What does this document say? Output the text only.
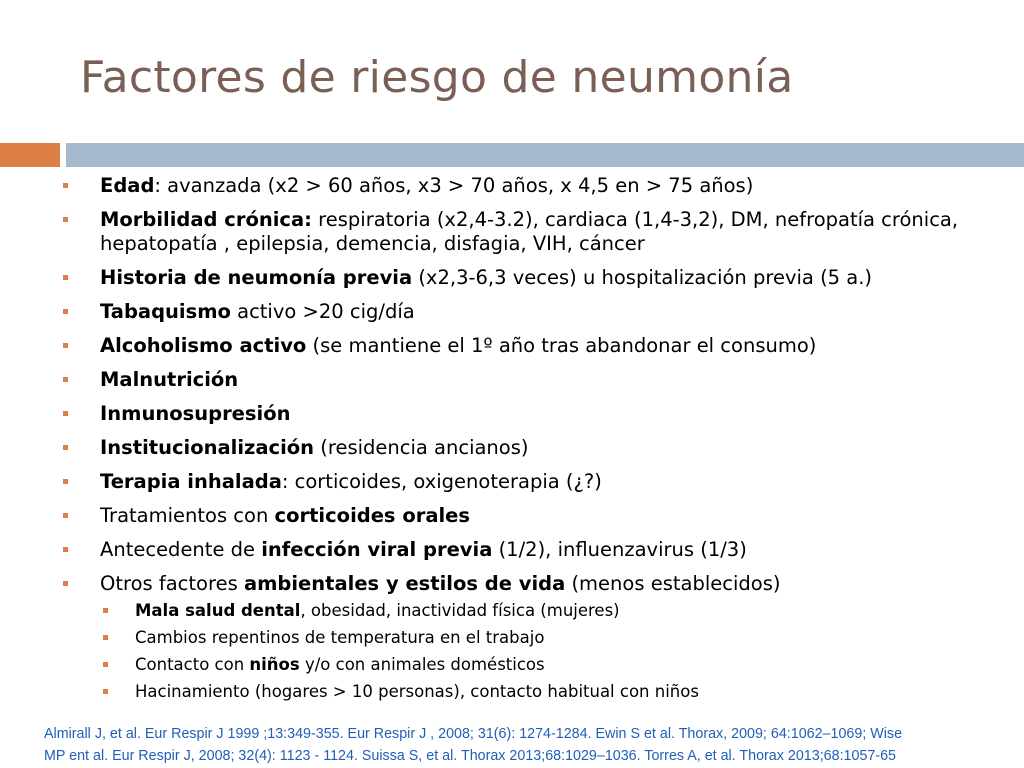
Factores de riesgo de neumonía
Edad: avanzada (x2 > 60 años, x3 > 70 años, x 4,5 en > 75 años)
Morbilidad crónica: respiratoria (x2,4-3.2), cardiaca (1,4-3,2), DM, nefropatía crónica, hepatopatía , epilepsia, demencia, disfagia, VIH, cáncer
Historia de neumonía previa (x2,3-6,3 veces) u hospitalización previa (5 a.)
Tabaquismo activo >20 cig/día
Alcoholismo activo (se mantiene el 1º año tras abandonar el consumo)
Malnutrición
Inmunosupresión
Institucionalización (residencia ancianos)
Terapia inhalada: corticoides, oxigenoterapia (¿?)
Tratamientos con corticoides orales
Antecedente de infección viral previa (1/2), influenzavirus (1/3)
Otros factores ambientales y estilos de vida (menos establecidos)
Mala salud dental, obesidad, inactividad física (mujeres)
Cambios repentinos de temperatura en el trabajo
Contacto con niños y/o con animales domésticos
Hacinamiento (hogares > 10 personas), contacto habitual con niños
Almirall J, et al. Eur Respir J 1999 ;13:349-355. Eur Respir J , 2008; 31(6): 1274-1284. Ewin S et al. Thorax, 2009; 64:1062–1069; Wise
MP ent al. Eur Respir J, 2008; 32(4): 1123 - 1124. Suissa S, et al. Thorax 2013;68:1029–1036. Torres A, et al. Thorax 2013;68:1057-65
